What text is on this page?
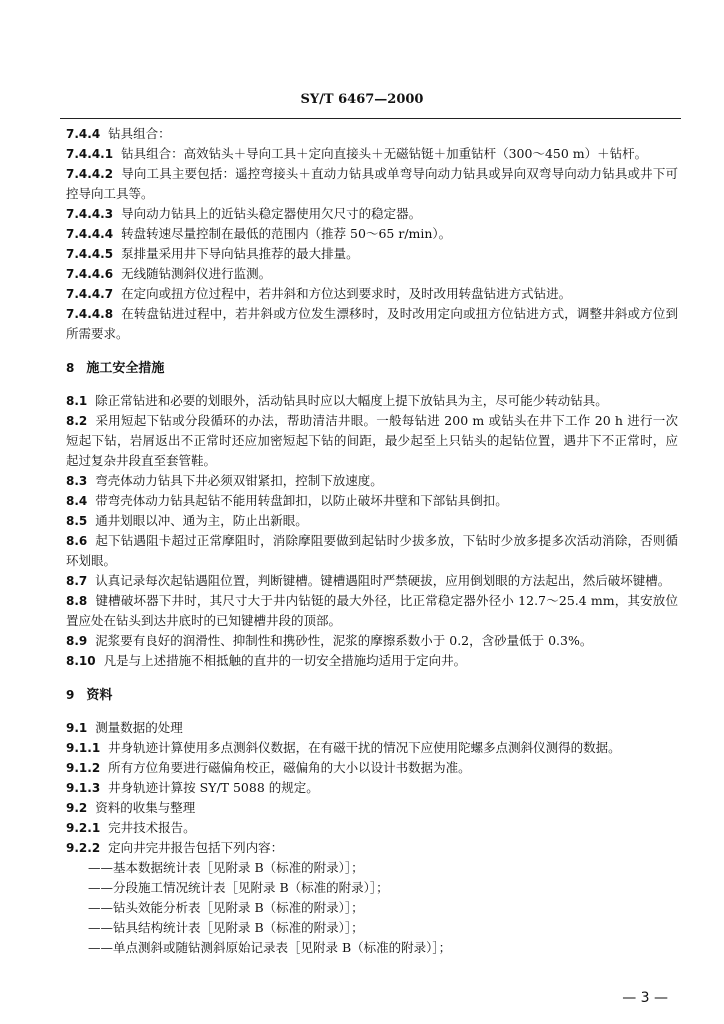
SY/T 6467—2000

7.4.4 钻具组合：

7.4.4.1 钻具组合：高效钻头＋导向工具＋定向直接头＋无磁钻铤＋加重钻杆（300～450 m）＋钻杆。

7.4.4.2 导向工具主要包括：遥控弯接头＋直动力钻具或单弯导向动力钻具或异向双弯导向动力钻具或井下可控导向工具等。

7.4.4.3 导向动力钻具上的近钻头稳定器使用欠尺寸的稳定器。

7.4.4.4 转盘转速尽量控制在最低的范围内（推荐 50～65 r/min）。

7.4.4.5 泵排量采用井下导向钻具推荐的最大排量。

7.4.4.6 无线随钻测斜仪进行监测。

7.4.4.7 在定向或扭方位过程中，若井斜和方位达到要求时，及时改用转盘钻进方式钻进。

7.4.4.8 在转盘钻进过程中，若井斜或方位发生漂移时，及时改用定向或扭方位钻进方式，调整井斜或方位到所需要求。

8 施工安全措施

8.1 除正常钻进和必要的划眼外，活动钻具时应以大幅度上提下放钻具为主，尽可能少转动钻具。

8.2 采用短起下钻或分段循环的办法，帮助清洁井眼。一般每钻进 200 m 或钻头在井下工作 20 h 进行一次短起下钻，岩屑返出不正常时还应加密短起下钻的间距，最少起至上只钻头的起钻位置，遇井下不正常时，应起过复杂井段直至套管鞋。

8.3 弯壳体动力钻具下井必须双钳紧扣，控制下放速度。

8.4 带弯壳体动力钻具起钻不能用转盘卸扣，以防止破坏井壁和下部钻具倒扣。

8.5 通井划眼以冲、通为主，防止出新眼。

8.6 起下钻遇阻卡超过正常摩阻时，消除摩阻要做到起钻时少拔多放，下钻时少放多提多次活动消除，否则循环划眼。

8.7 认真记录每次起钻遇阻位置，判断键槽。键槽遇阻时严禁硬拔，应用倒划眼的方法起出，然后破坏键槽。

8.8 键槽破坏器下井时，其尺寸大于井内钻铤的最大外径，比正常稳定器外径小 12.7～25.4 mm，其安放位置应处在钻头到达井底时的已知键槽井段的顶部。

8.9 泥浆要有良好的润滑性、抑制性和携砂性，泥浆的摩擦系数小于 0.2，含砂量低于 0.3%。

8.10 凡是与上述措施不相抵触的直井的一切安全措施均适用于定向井。

9 资料

9.1 测量数据的处理

9.1.1 井身轨迹计算使用多点测斜仪数据，在有磁干扰的情况下应使用陀螺多点测斜仪测得的数据。

9.1.2 所有方位角要进行磁偏角校正，磁偏角的大小以设计书数据为准。

9.1.3 井身轨迹计算按 SY/T 5088 的规定。

9.2 资料的收集与整理

9.2.1 完井技术报告。

9.2.2 定向井完井报告包括下列内容：

——基本数据统计表［见附录 B（标准的附录）］；

——分段施工情况统计表［见附录 B（标准的附录）］；

——钻头效能分析表［见附录 B（标准的附录）］；

——钻具结构统计表［见附录 B（标准的附录）］；

——单点测斜或随钻测斜原始记录表［见附录 B（标准的附录）］；

— 3 —
